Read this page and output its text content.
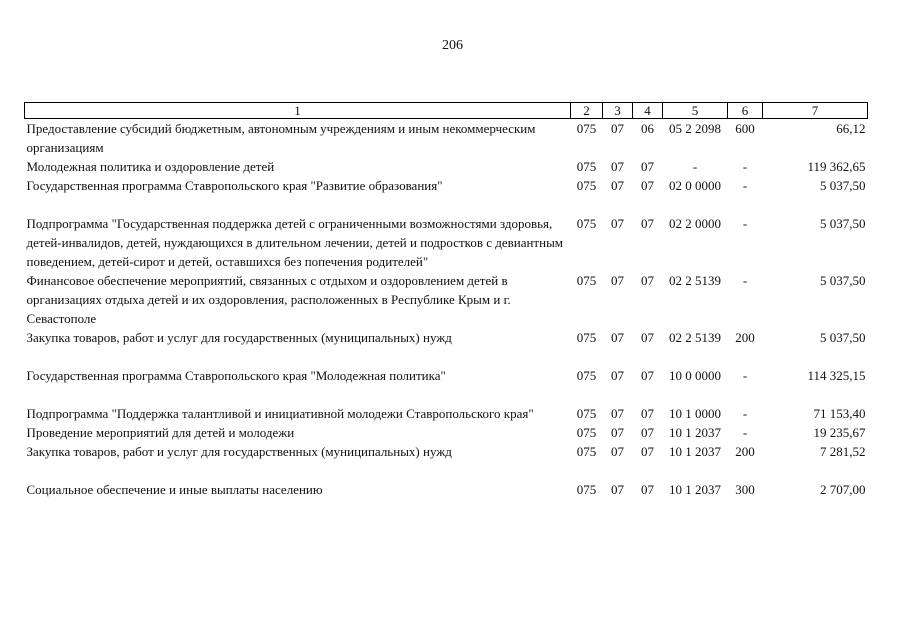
206
1	2	3	4	5	6	7
Предоставление субсидий бюджетным, автономным учреждениям и иным некоммерческим организациям	075	07	06	05 2 2098	600	66,12
Молодежная политика и оздоровление детей	075	07	07	-	-	119 362,65
Государственная программа Ставропольского края "Развитие образования"	075	07	07	02 0 0000	-	5 037,50
Подпрограмма "Государственная поддержка детей с ограниченными возможностями здоровья, детей-инвалидов, детей, нуждающихся в длительном лечении, детей и подростков с девиантным поведением, детей-сирот и детей, оставшихся без попечения родителей"	075	07	07	02 2 0000	-	5 037,50
Финансовое обеспечение мероприятий, связанных с отдыхом и оздоровлением детей в организациях отдыха детей и их оздоровления, расположенных в Республике Крым и г. Севастополе	075	07	07	02 2 5139	-	5 037,50
Закупка товаров, работ и услуг для государственных (муниципальных) нужд	075	07	07	02 2 5139	200	5 037,50
Государственная программа Ставропольского края "Молодежная политика"	075	07	07	10 0 0000	-	114 325,15
Подпрограмма "Поддержка талантливой и инициативной молодежи Ставропольского края"	075	07	07	10 1 0000	-	71 153,40
Проведение мероприятий для детей и молодежи	075	07	07	10 1 2037	-	19 235,67
Закупка товаров, работ и услуг для государственных (муниципальных) нужд	075	07	07	10 1 2037	200	7 281,52
Социальное обеспечение и иные выплаты населению	075	07	07	10 1 2037	300	2 707,00
